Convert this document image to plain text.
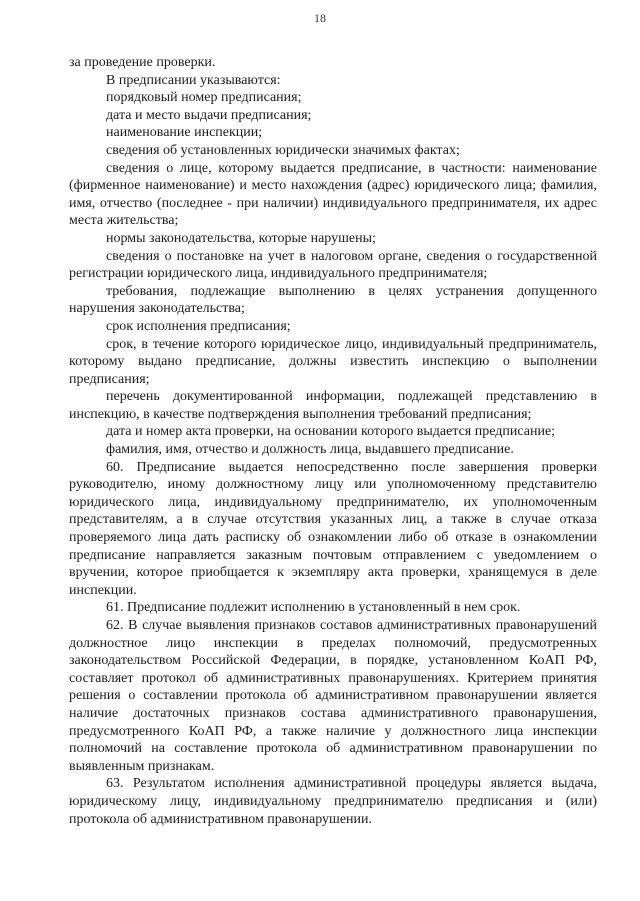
18

за проведение проверки.

В предписании указываются:

порядковый номер предписания;

дата и место выдачи предписания;

наименование инспекции;

сведения об установленных юридически значимых фактах;

сведения о лице, которому выдается предписание, в частности: наименование (фирменное наименование) и место нахождения (адрес) юридического лица; фамилия, имя, отчество (последнее - при наличии) индивидуального предпринимателя, их адрес места жительства;

нормы законодательства, которые нарушены;

сведения о постановке на учет в налоговом органе, сведения о государственной регистрации юридического лица, индивидуального предпринимателя;

требования, подлежащие выполнению в целях устранения допущенного нарушения законодательства;

срок исполнения предписания;

срок, в течение которого юридическое лицо, индивидуальный предприниматель, которому выдано предписание, должны известить инспекцию о выполнении предписания;

перечень документированной информации, подлежащей представлению в инспекцию, в качестве подтверждения выполнения требований предписания;

дата и номер акта проверки, на основании которого выдается предписание;

фамилия, имя, отчество и должность лица, выдавшего предписание.

60. Предписание выдается непосредственно после завершения проверки руководителю, иному должностному лицу или уполномоченному представителю юридического лица, индивидуальному предпринимателю, их уполномоченным представителям, а в случае отсутствия указанных лиц, а также в случае отказа проверяемого лица дать расписку об ознакомлении либо об отказе в ознакомлении предписание направляется заказным почтовым отправлением с уведомлением о вручении, которое приобщается к экземпляру акта проверки, хранящемуся в деле инспекции.

61. Предписание подлежит исполнению в установленный в нем срок.

62. В случае выявления признаков составов административных правонарушений должностное лицо инспекции в пределах полномочий, предусмотренных законодательством Российской Федерации, в порядке, установленном КоАП РФ, составляет протокол об административных правонарушениях. Критерием принятия решения о составлении протокола об административном правонарушении является наличие достаточных признаков состава административного правонарушения, предусмотренного КоАП РФ, а также наличие у должностного лица инспекции полномочий на составление протокола об административном правонарушении по выявленным признакам.

63. Результатом исполнения административной процедуры является выдача, юридическому лицу, индивидуальному предпринимателю предписания и (или) протокола об административном правонарушении.
